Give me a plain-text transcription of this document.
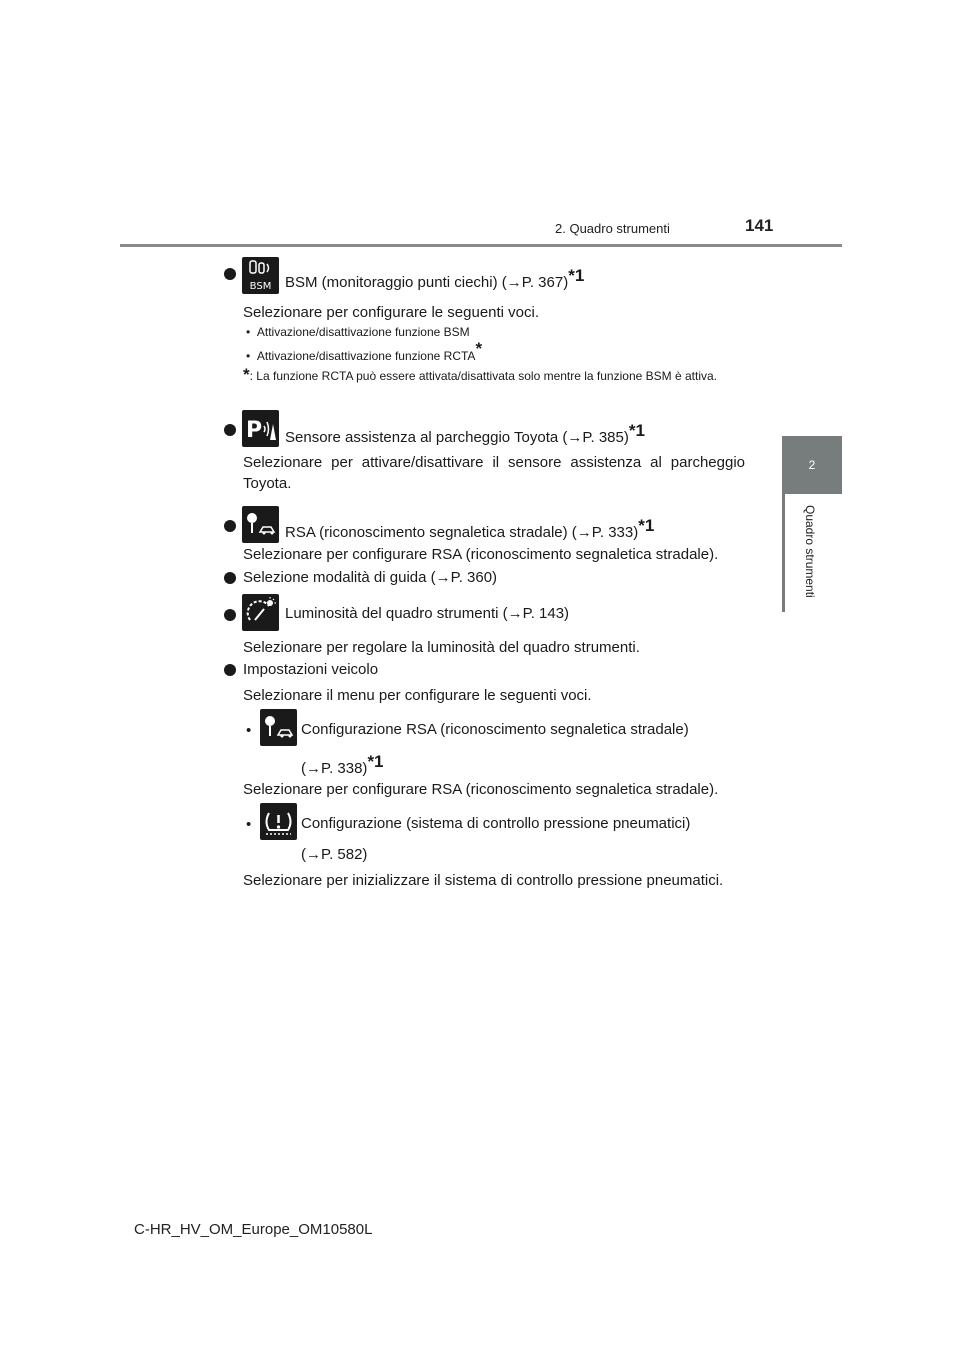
2. Quadro strumenti	141
2
Quadro strumenti
BSM BSM (monitoraggio punti ciechi) ( → P. 367)$^{*1}$
Selezionare per configurare le seguenti voci.
•  Attivazione/disattivazione funzione BSM
•  Attivazione/disattivazione funzione RCTA*
*: La funzione RCTA può essere attivata/disattivata solo mentre la funzione BSM è attiva.
P Sensore assistenza al parcheggio Toyota ( → P. 385)$^{*1}$
Selezionare per attivare/disattivare il sensore assistenza al parcheggio Toyota.
RSA (riconoscimento segnaletica stradale) ( → P. 333)$^{*1}$
Selezionare per configurare RSA (riconoscimento segnaletica stradale).
Selezione modalità di guida ( → P. 360)
Luminosità del quadro strumenti ( → P. 143)
Selezionare per regolare la luminosità del quadro strumenti.
Impostazioni veicolo
Selezionare il menu per configurare le seguenti voci.
•	Configurazione RSA (riconoscimento segnaletica stradale)
( → P. 338)$^{*1}$
Selezionare per configurare RSA (riconoscimento segnaletica stradale).
•	Configurazione (sistema di controllo pressione pneumatici)
( → P. 582)
Selezionare per inizializzare il sistema di controllo pressione pneumatici.
C-HR_HV_OM_Europe_OM10580L
